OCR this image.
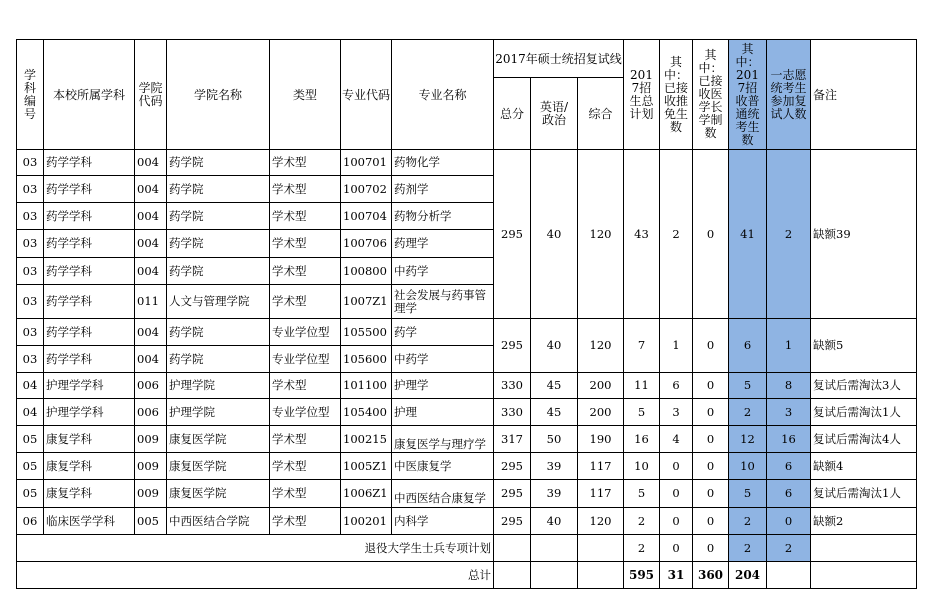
学科编号	本校所属学科	学院代码	学院名称	类型	专业代码	专业名称	2017年硕士统招复试线			2017招生总计划	其中：已接收推免生数	其中：已接收医学长学制数	其中：2017招收普通统考生数	一志愿统考生参加复试人数	备注
							总分	英语/政治	综合						
03	药学学科	004	药学院	学术型	100701	药物化学	295	40	120	43	2	0	41	2	缺额39
03	药学学科	004	药学院	学术型	100702	药剂学									
03	药学学科	004	药学院	学术型	100704	药物分析学									
03	药学学科	004	药学院	学术型	100706	药理学									
03	药学学科	004	药学院	学术型	100800	中药学									
03	药学学科	011	人文与管理学院	学术型	1007Z1	社会发展与药事管理学									
03	药学学科	004	药学院	专业学位型	105500	药学	295	40	120	7	1	0	6	1	缺额5
03	药学学科	004	药学院	专业学位型	105600	中药学									
04	护理学学科	006	护理学院	学术型	101100	护理学	330	45	200	11	6	0	5	8	复试后需淘汰3人
04	护理学学科	006	护理学院	专业学位型	105400	护理	330	45	200	5	3	0	2	3	复试后需淘汰1人
05	康复学科	009	康复医学院	学术型	100215	康复医学与理疗学	317	50	190	16	4	0	12	16	复试后需淘汰4人
05	康复学科	009	康复医学院	学术型	1005Z1	中医康复学	295	39	117	10	0	0	10	6	缺额4
05	康复学科	009	康复医学院	学术型	1006Z1	中西医结合康复学	295	39	117	5	0	0	5	6	复试后需淘汰1人
06	临床医学学科	005	中西医结合学院	学术型	100201	内科学	295	40	120	2	0	0	2	0	缺额2
退役大学生士兵专项计划										2	0	0	2	2	
总计										595	31	360	204		
